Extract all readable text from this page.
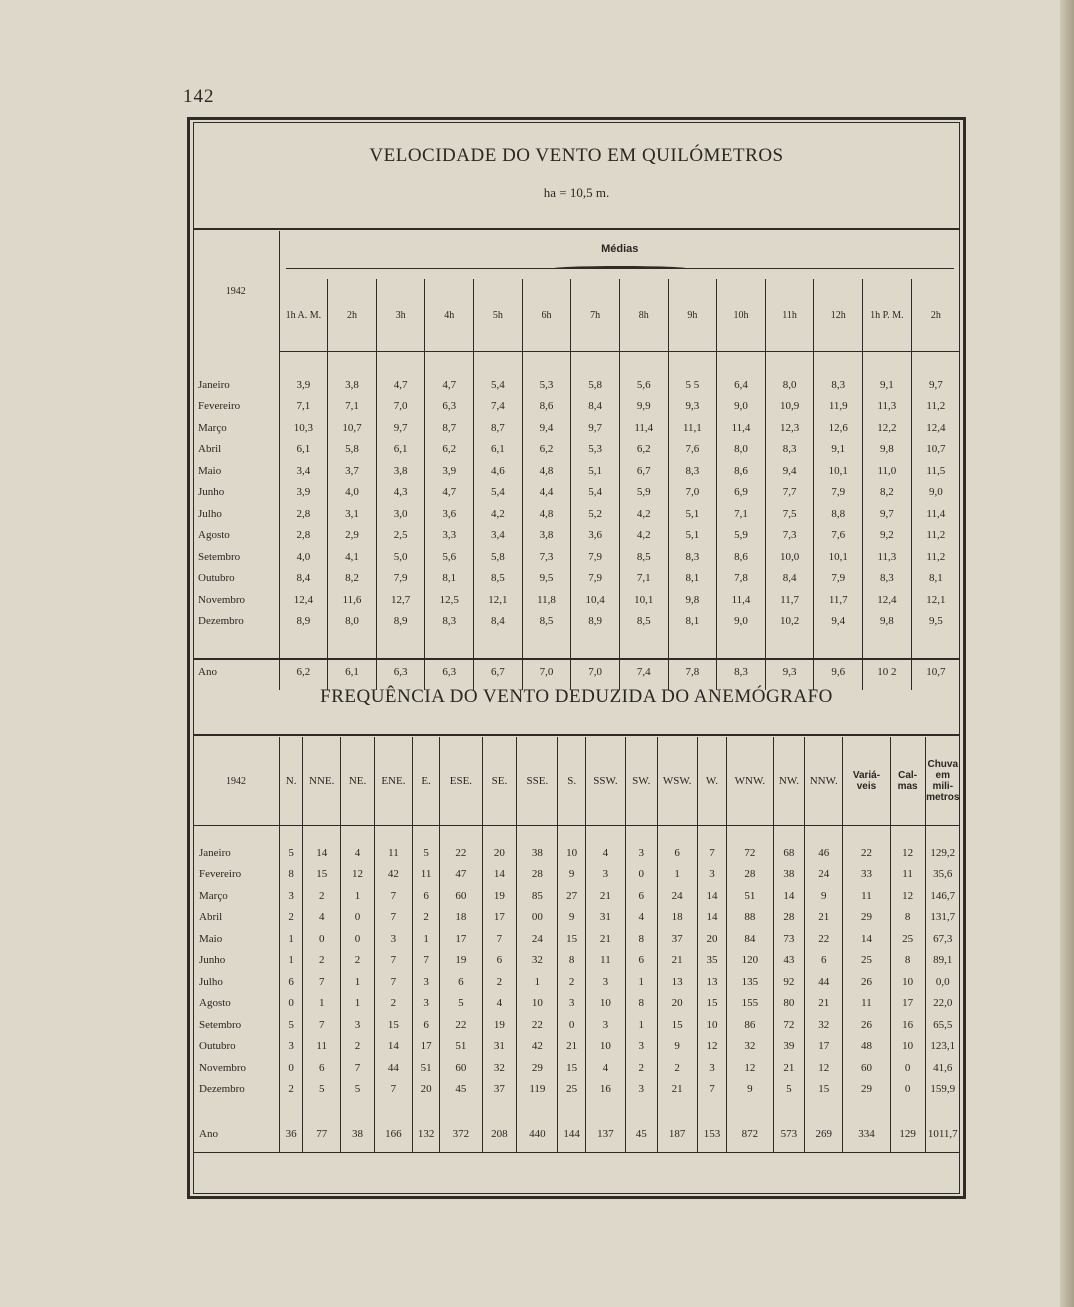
142
VELOCIDADE DO VENTO EM QUILÓMETROS
ha = 10,5 m.
1942	Médias													

	1h A. M.	2h	3h	4h	5h	6h	7h	8h	9h	10h	11h	12h	1h P. M.	2h

Janeiro	3,9	3,8	4,7	4,7	5,4	5,3	5,8	5,6	5 5	6,4	8,0	8,3	9,1	9,7
Fevereiro	7,1	7,1	7,0	6,3	7,4	8,6	8,4	9,9	9,3	9,0	10,9	11,9	11,3	11,2
Março	10,3	10,7	9,7	8,7	8,7	9,4	9,7	11,4	11,1	11,4	12,3	12,6	12,2	12,4
Abril	6,1	5,8	6,1	6,2	6,1	6,2	5,3	6,2	7,6	8,0	8,3	9,1	9,8	10,7
Maio	3,4	3,7	3,8	3,9	4,6	4,8	5,1	6,7	8,3	8,6	9,4	10,1	11,0	11,5
Junho	3,9	4,0	4,3	4,7	5,4	4,4	5,4	5,9	7,0	6,9	7,7	7,9	8,2	9,0
Julho	2,8	3,1	3,0	3,6	4,2	4,8	5,2	4,2	5,1	7,1	7,5	8,8	9,7	11,4
Agosto	2,8	2,9	2,5	3,3	3,4	3,8	3,6	4,2	5,1	5,9	7,3	7,6	9,2	11,2
Setembro	4,0	4,1	5,0	5,6	5,8	7,3	7,9	8,5	8,3	8,6	10,0	10,1	11,3	11,2
Outubro	8,4	8,2	7,9	8,1	8,5	9,5	7,9	7,1	8,1	7,8	8,4	7,9	8,3	8,1
Novembro	12,4	11,6	12,7	12,5	12,1	11,8	10,4	10,1	9,8	11,4	11,7	11,7	12,4	12,1
Dezembro	8,9	8,0	8,9	8,3	8,4	8,5	8,9	8,5	8,1	9,0	10,2	9,4	9,8	9,5

Ano	6,2	6,1	6,3	6,3	6,7	7,0	7,0	7,4	7,8	8,3	9,3	9,6	10 2	10,7
FREQUÊNCIA DO VENTO DEDUZIDA DO ANEMÓGRAFO
1942	N.	NNE.	NE.	ENE.	E.	ESE.	SE.	SSE.	S.	SSW.	SW.	WSW.	W.	WNW.	NW.	NNW.	Variá-veis	Cal-mas	Chuva em mili-metros

Janeiro	5	14	4	11	5	22	20	38	10	4	3	6	7	72	68	46	22	12	129,2
Fevereiro	8	15	12	42	11	47	14	28	9	3	0	1	3	28	38	24	33	11	35,6
Março	3	2	1	7	6	60	19	85	27	21	6	24	14	51	14	9	11	12	146,7
Abril	2	4	0	7	2	18	17	00	9	31	4	18	14	88	28	21	29	8	131,7
Maio	1	0	0	3	1	17	7	24	15	21	8	37	20	84	73	22	14	25	67,3
Junho	1	2	2	7	7	19	6	32	8	11	6	21	35	120	43	6	25	8	89,1
Julho	6	7	1	7	3	6	2	1	2	3	1	13	13	135	92	44	26	10	0,0
Agosto	0	1	1	2	3	5	4	10	3	10	8	20	15	155	80	21	11	17	22,0
Setembro	5	7	3	15	6	22	19	22	0	3	1	15	10	86	72	32	26	16	65,5
Outubro	3	11	2	14	17	51	31	42	21	10	3	9	12	32	39	17	48	10	123,1
Novembro	0	6	7	44	51	60	32	29	15	4	2	2	3	12	21	12	60	0	41,6
Dezembro	2	5	5	7	20	45	37	119	25	16	3	21	7	9	5	15	29	0	159,9

Ano	36	77	38	166	132	372	208	440	144	137	45	187	153	872	573	269	334	129	1011,7
